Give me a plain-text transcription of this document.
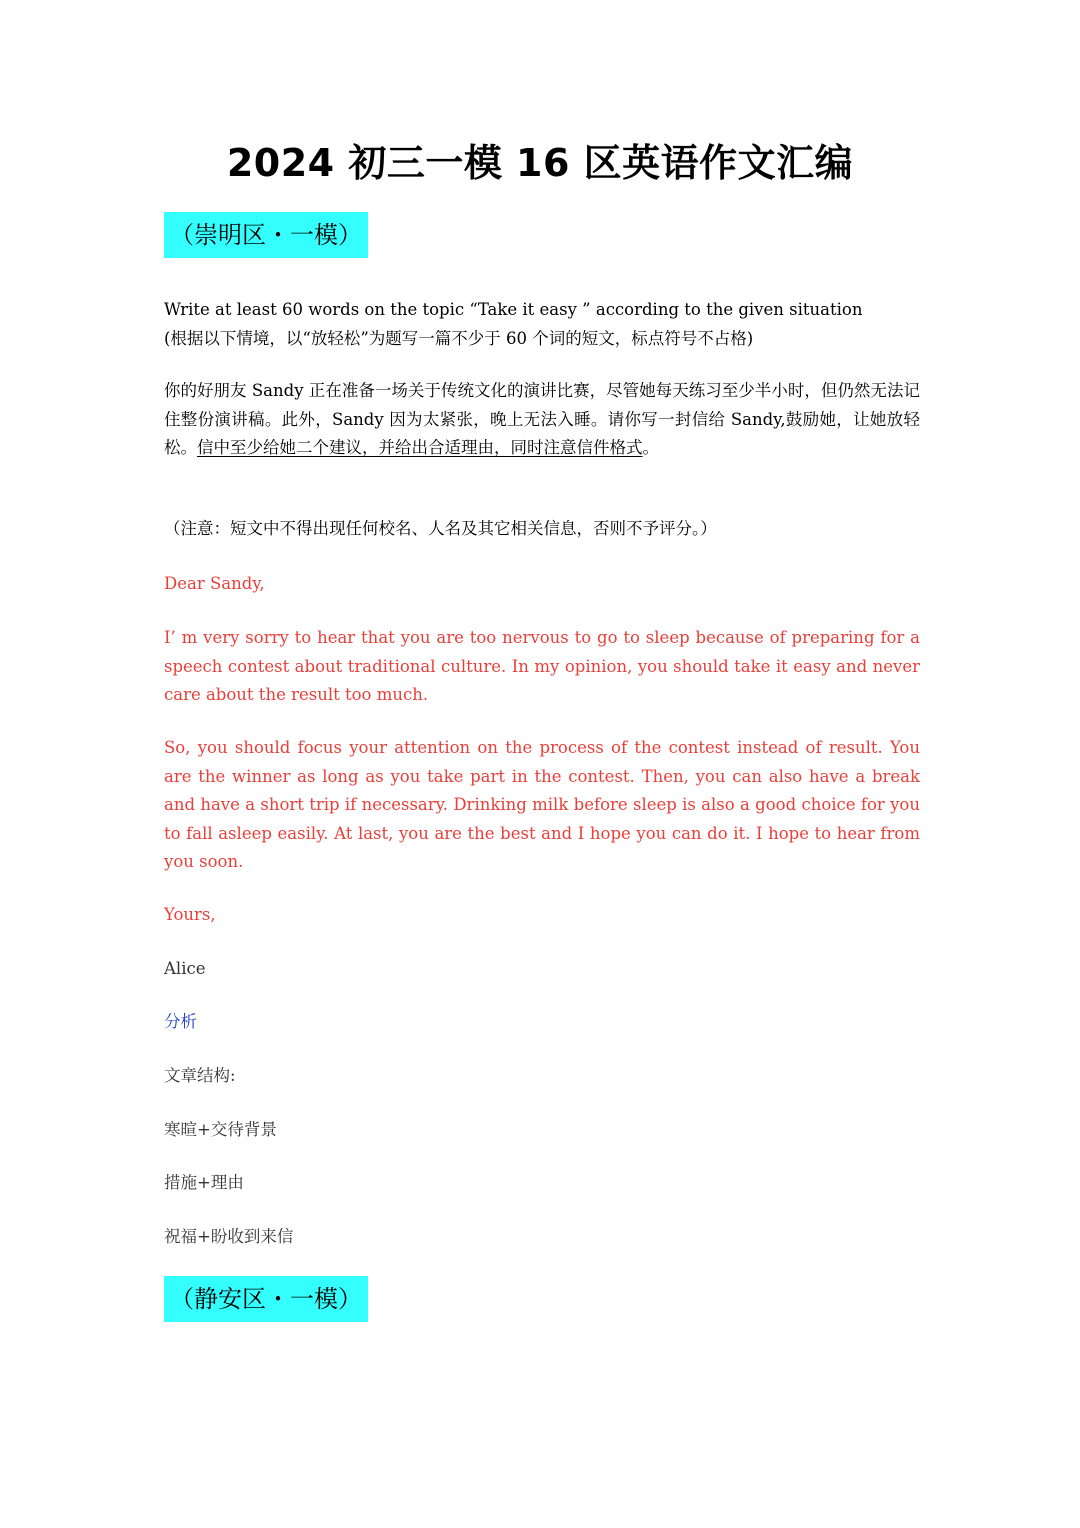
2024 初三一模 16 区英语作文汇编
（崇明区・一模）

Write at least 60 words on the topic “Take it easy ” according to the given situation
(根据以下情境，以“放轻松”为题写一篇不少于 60 个词的短文，标点符号不占格)

你的好朋友 Sandy 正在准备一场关于传统文化的演讲比赛，尽管她每天练习至少半小时，但仍然无法记住整份演讲稿。此外，Sandy 因为太紧张，晚上无法入睡。请你写一封信给 Sandy,鼓励她，让她放轻松。信中至少给她二个建议，并给出合适理由，同时注意信件格式。

（注意：短文中不得出现任何校名、人名及其它相关信息，否则不予评分。）

Dear Sandy,

I’ m very sorry to hear that you are too nervous to go to sleep because of preparing for a speech contest about traditional culture. In my opinion, you should take it easy and never care about the result too much.

So, you should focus your attention on the process of the contest instead of result. You are the winner as long as you take part in the contest. Then, you can also have a break and have a short trip if necessary. Drinking milk before sleep is also a good choice for you to fall asleep easily. At last, you are the best and I hope you can do it. I hope to hear from you soon.

Yours,

Alice

分析

文章结构:

寒暄+交待背景

措施+理由

祝福+盼收到来信

（静安区・一模）
